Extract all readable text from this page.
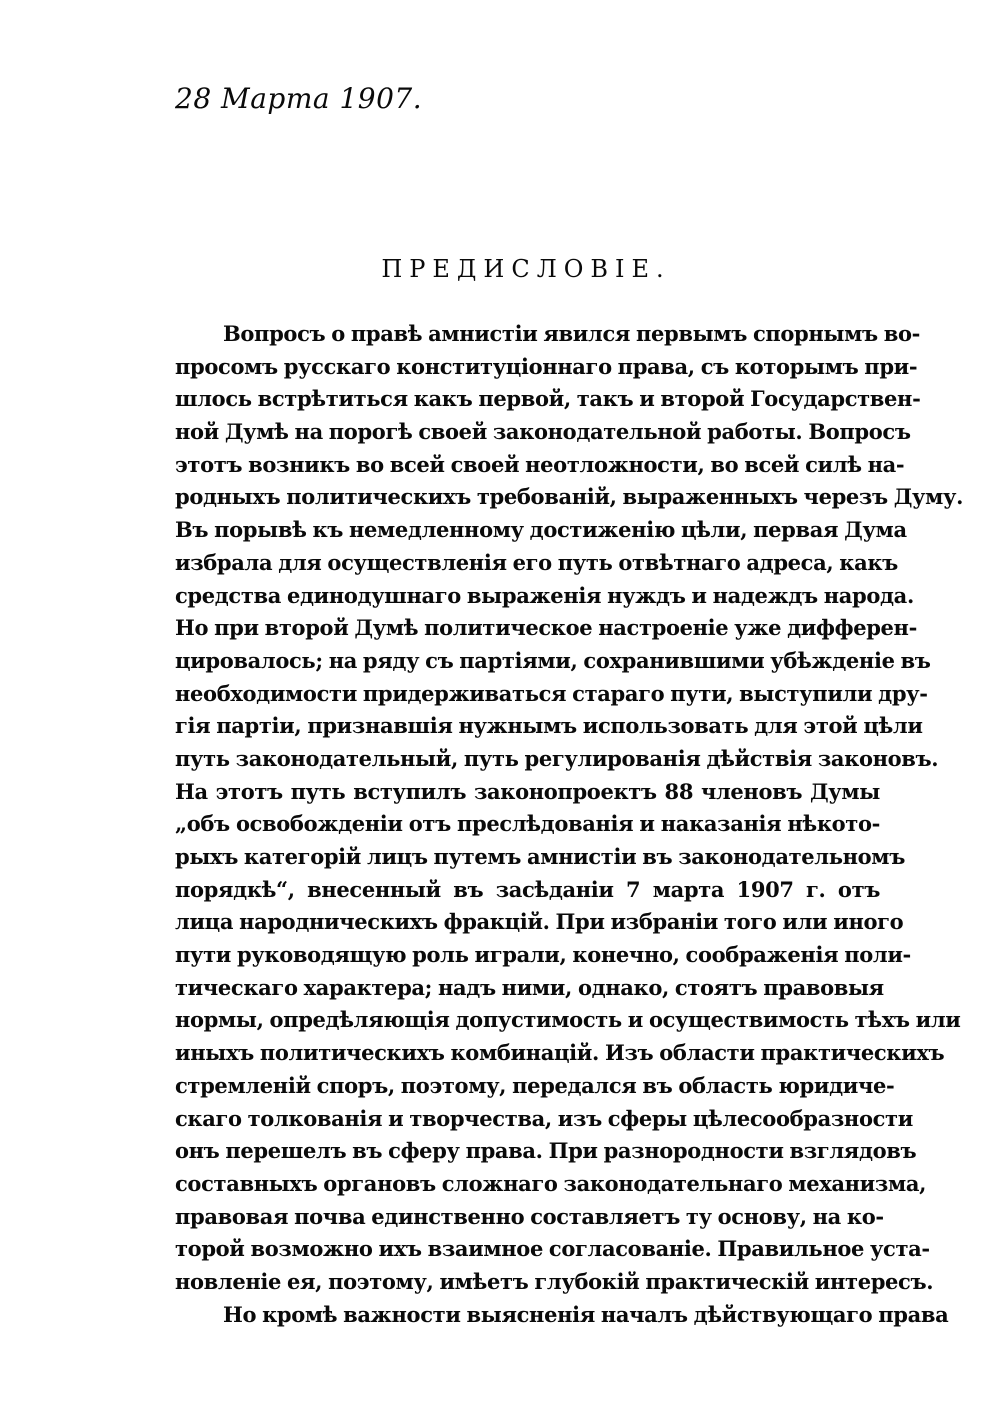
28 Марта 1907.
ПРЕДИСЛОВІЕ.
Вопросъ о правѣ амнистіи явился первымъ спорнымъ во-
просомъ русскаго конституціоннаго права, съ которымъ при-
шлось встрѣтиться какъ первой, такъ и второй Государствен-
ной Думѣ на порогѣ своей законодательной работы. Вопросъ
этотъ возникъ во всей своей неотложности, во всей силѣ на-
родныхъ политическихъ требованій, выраженныхъ черезъ Думу.
Въ порывѣ къ немедленному достиженію цѣли, первая Дума
избрала для осуществленія его путь отвѣтнаго адреса, какъ
средства единодушнаго выраженія нуждъ и надеждъ народа.
Но при второй Думѣ политическое настроеніе уже дифферен-
цировалось; на ряду съ партіями, сохранившими убѣжденіе въ
необходимости придерживаться стараго пути, выступили дру-
гія партіи, признавшія нужнымъ использовать для этой цѣли
путь законодательный, путь регулированія дѣйствія законовъ.
На этотъ путь вступилъ законопроектъ 88 членовъ Думы
„объ освобожденіи отъ преслѣдованія и наказанія нѣкото-
рыхъ категорій лицъ путемъ амнистіи въ законодательномъ
порядкѣ“, внесенный въ засѣданіи 7 марта 1907 г. отъ
лица народническихъ фракцій. При избраніи того или иного
пути руководящую роль играли, конечно, соображенія поли-
тическаго характера; надъ ними, однако, стоятъ правовыя
нормы, опредѣляющія допустимость и осуществимость тѣхъ или
иныхъ политическихъ комбинацій. Изъ области практическихъ
стремленій споръ, поэтому, передался въ область юридиче-
скаго толкованія и творчества, изъ сферы цѣлесообразности
онъ перешелъ въ сферу права. При разнородности взглядовъ
составныхъ органовъ сложнаго законодательнаго механизма,
правовая почва единственно составляетъ ту основу, на ко-
торой возможно ихъ взаимное согласованіе. Правильное уста-
новленіе ея, поэтому, имѣетъ глубокій практическій интересъ.
Но кромѣ важности выясненія началъ дѣйствующаго права
